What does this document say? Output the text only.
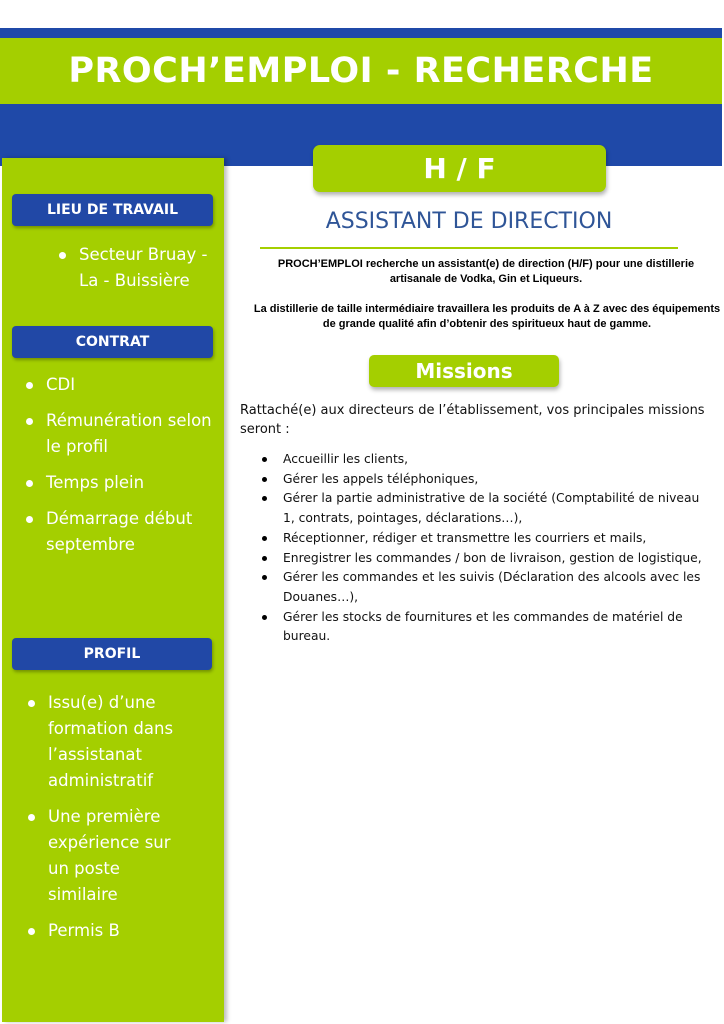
PROCH’EMPLOI - RECHERCHE
LIEU DE TRAVAIL
Secteur Bruay - La - Buissière
CONTRAT
CDI
Rémunération selon le profil
Temps plein
Démarrage début septembre
PROFIL
Issu(e) d’une formation dans l’assistanat administratif
Une première expérience sur un poste similaire
Permis B
H / F
ASSISTANT DE DIRECTION
PROCH’EMPLOI recherche un assistant(e) de direction (H/F) pour une distillerie artisanale de Vodka, Gin et Liqueurs.
La distillerie de taille intermédiaire travaillera les produits de A à Z avec des équipements de grande qualité afin d’obtenir des spiritueux haut de gamme.
Missions
Rattaché(e) aux directeurs de l’établissement, vos principales missions seront :
Accueillir les clients,
Gérer les appels téléphoniques,
Gérer la partie administrative de la société (Comptabilité de niveau 1, contrats, pointages, déclarations…),
Réceptionner, rédiger et transmettre les courriers et mails,
Enregistrer les commandes / bon de livraison, gestion de logistique,
Gérer les commandes et les suivis (Déclaration des alcools avec les Douanes…),
Gérer les stocks de fournitures et les commandes de matériel de bureau.
